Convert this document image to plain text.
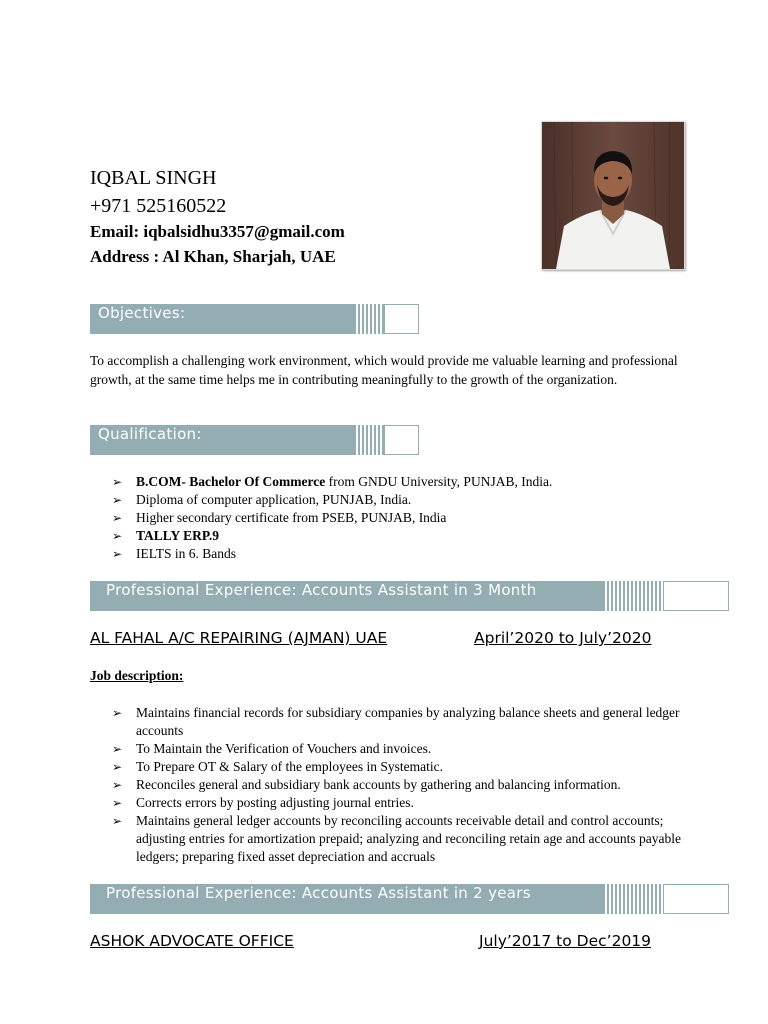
IQBAL SINGH
+971 525160522
Email: iqbalsidhu3357@gmail.com
Address : Al Khan, Sharjah, UAE
Objectives:
To accomplish a challenging work environment, which would provide me valuable learning and professional growth, at the same time helps me in contributing meaningfully to the growth of the organization.
Qualification:
➢ B.COM- Bachelor Of Commerce from GNDU University, PUNJAB, India.
➢ Diploma of computer application, PUNJAB, India.
➢ Higher secondary certificate from PSEB, PUNJAB, India
➢ TALLY ERP.9
➢ IELTS in 6. Bands
Professional Experience: Accounts Assistant in 3 Month
AL FAHAL A/C REPAIRING (AJMAN) UAE	April’2020 to July’2020
Job description:
➢ Maintains financial records for subsidiary companies by analyzing balance sheets and general ledger accounts
➢ To Maintain the Verification of Vouchers and invoices.
➢ To Prepare OT & Salary of the employees in Systematic.
➢ Reconciles general and subsidiary bank accounts by gathering and balancing information.
➢ Corrects errors by posting adjusting journal entries.
➢ Maintains general ledger accounts by reconciling accounts receivable detail and control accounts; adjusting entries for amortization prepaid; analyzing and reconciling retain age and accounts payable ledgers; preparing fixed asset depreciation and accruals
Professional Experience: Accounts Assistant in 2 years
ASHOK ADVOCATE OFFICE	July’2017 to Dec’2019
